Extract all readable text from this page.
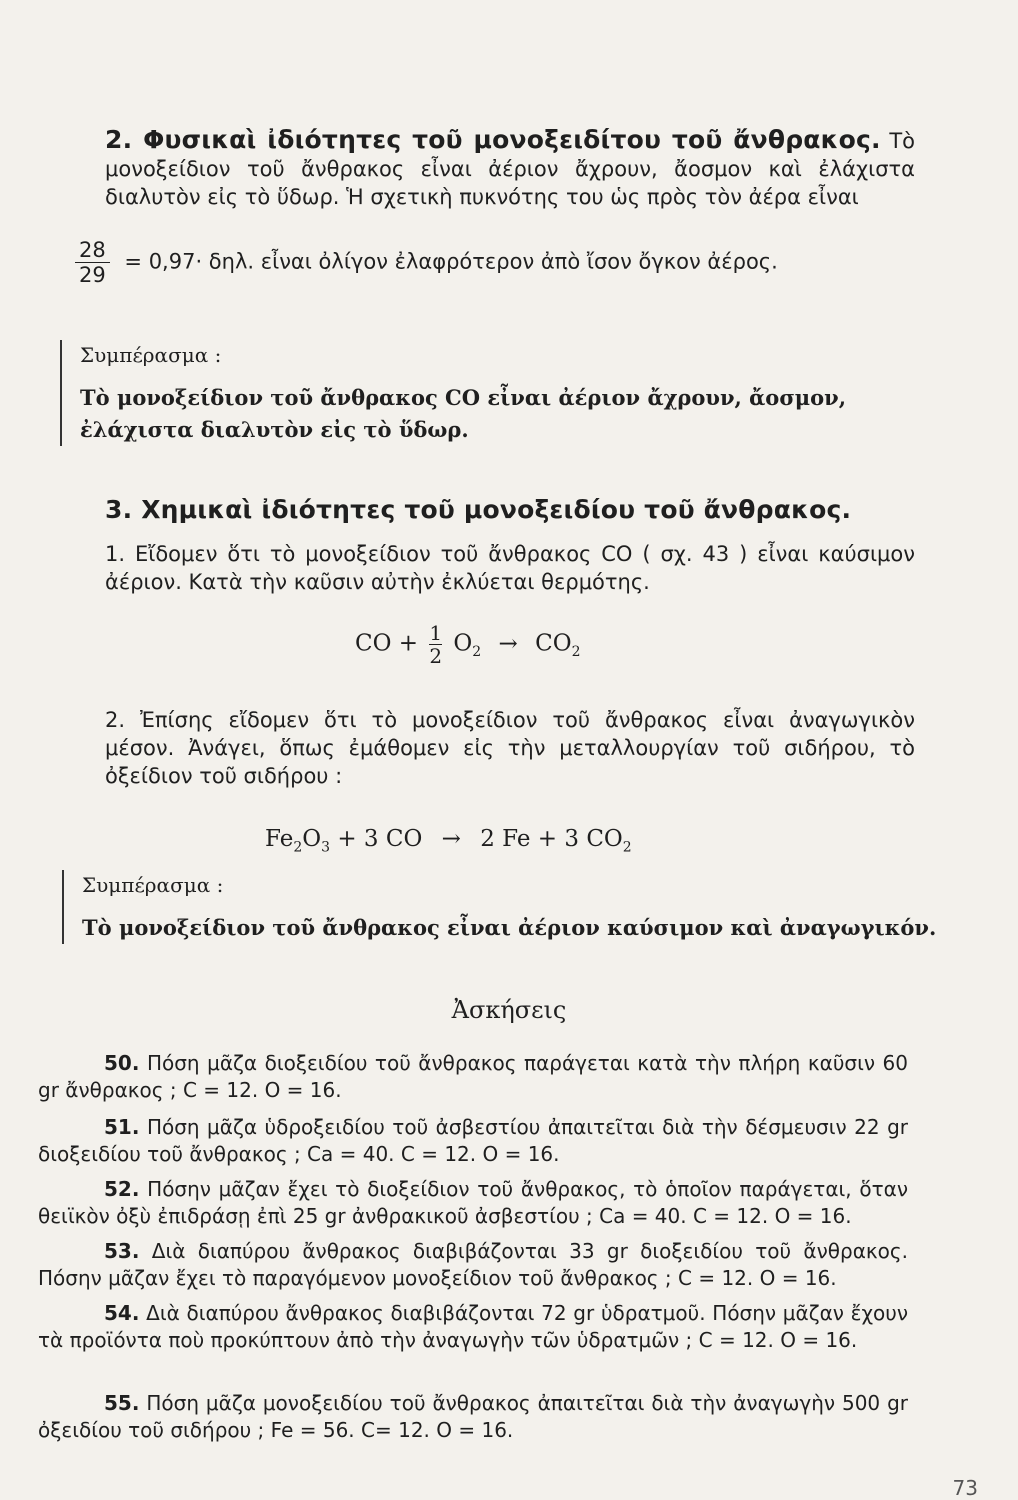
2. Φυσικαὶ ἰδιότητες τοῦ μονοξειδίτου τοῦ ἄνθρακος. Τὸ μονοξείδιον τοῦ ἄνθρακος εἶναι ἀέριον ἄχρουν, ἄοσμον καὶ ἐλάχιστα διαλυτὸν εἰς τὸ ὕδωρ. Ἡ σχετικὴ πυκνότης του ὡς πρὸς τὸν ἀέρα εἶναι
$\frac{28}{29} = 0,97\cdot \delta\eta\lambda$. εἶναι ὀλίγον ἐλαφρότερον ἀπὸ ἴσον ὄγκον ἀέρος.
Συμπέρασμα :
Τὸ μονοξείδιον τοῦ ἄνθρακος CO εἶναι ἀέριον ἄχρουν, ἄοσμον, ἐλάχιστα διαλυτὸν εἰς τὸ ὕδωρ.
3. Χημικαὶ ἰδιότητες τοῦ μονοξειδίου τοῦ ἄνθρακος.
1. Εἴδομεν ὅτι τὸ μονοξείδιον τοῦ ἄνθρακος CO ( σχ. 43 ) εἶναι καύσιμον ἀέριον. Κατὰ τὴν καῦσιν αὐτὴν ἐκλύεται θερμότης.
CO + $\frac{1}{2} O_2 \to CO_2$
2. Ἐπίσης εἴδομεν ὅτι τὸ μονοξείδιον τοῦ ἄνθρακος εἶναι ἀναγωγικὸν μέσον. Ἀνάγει, ὅπως ἐμάθομεν εἰς τὴν μεταλλουργίαν τοῦ σιδήρου, τὸ ὀξείδιον τοῦ σιδήρου :
$Fe_2O_3 + 3$ CO → 2 Fe + 3 $CO_2$
Συμπέρασμα :
Τὸ μονοξείδιον τοῦ ἄνθρακος εἶναι ἀέριον καύσιμον καὶ ἀναγωγικόν.
Ἀσκήσεις
50. Πόση μᾶζα διοξειδίου τοῦ ἄνθρακος παράγεται κατὰ τὴν πλήρη καῦσιν 60 gr ἄνθρακος ; C = 12. O = 16.
51. Πόση μᾶζα ὑδροξειδίου τοῦ ἀσβεστίου ἀπαιτεῖται διὰ τὴν δέσμευσιν 22 gr διοξειδίου τοῦ ἄνθρακος ; Ca = 40. C = 12. O = 16.
52. Πόσην μᾶζαν ἔχει τὸ διοξείδιον τοῦ ἄνθρακος, τὸ ὁποῖον παράγεται, ὅταν θειϊκὸν ὀξὺ ἐπιδράσῃ ἐπὶ 25 gr ἀνθρακικοῦ ἀσβεστίου ; Ca = 40. C = 12. O = 16.
53. Διὰ διαπύρου ἄνθρακος διαβιβάζονται 33 gr διοξειδίου τοῦ ἄνθρακος. Πόσην μᾶζαν ἔχει τὸ παραγόμενον μονοξείδιον τοῦ ἄνθρακος ; C = 12. O = 16.
54. Διὰ διαπύρου ἄνθρακος διαβιβάζονται 72 gr ὑδρατμοῦ. Πόσην μᾶζαν ἔχουν τὰ προϊόντα ποὺ προκύπτουν ἀπὸ τὴν ἀναγωγὴν τῶν ὑδρατμῶν ; C = 12. O = 16.
55. Πόση μᾶζα μονοξειδίου τοῦ ἄνθρακος ἀπαιτεῖται διὰ τὴν ἀναγωγὴν 500 gr ὀξειδίου τοῦ σιδήρου ; Fe = 56. C= 12. O = 16.
73
